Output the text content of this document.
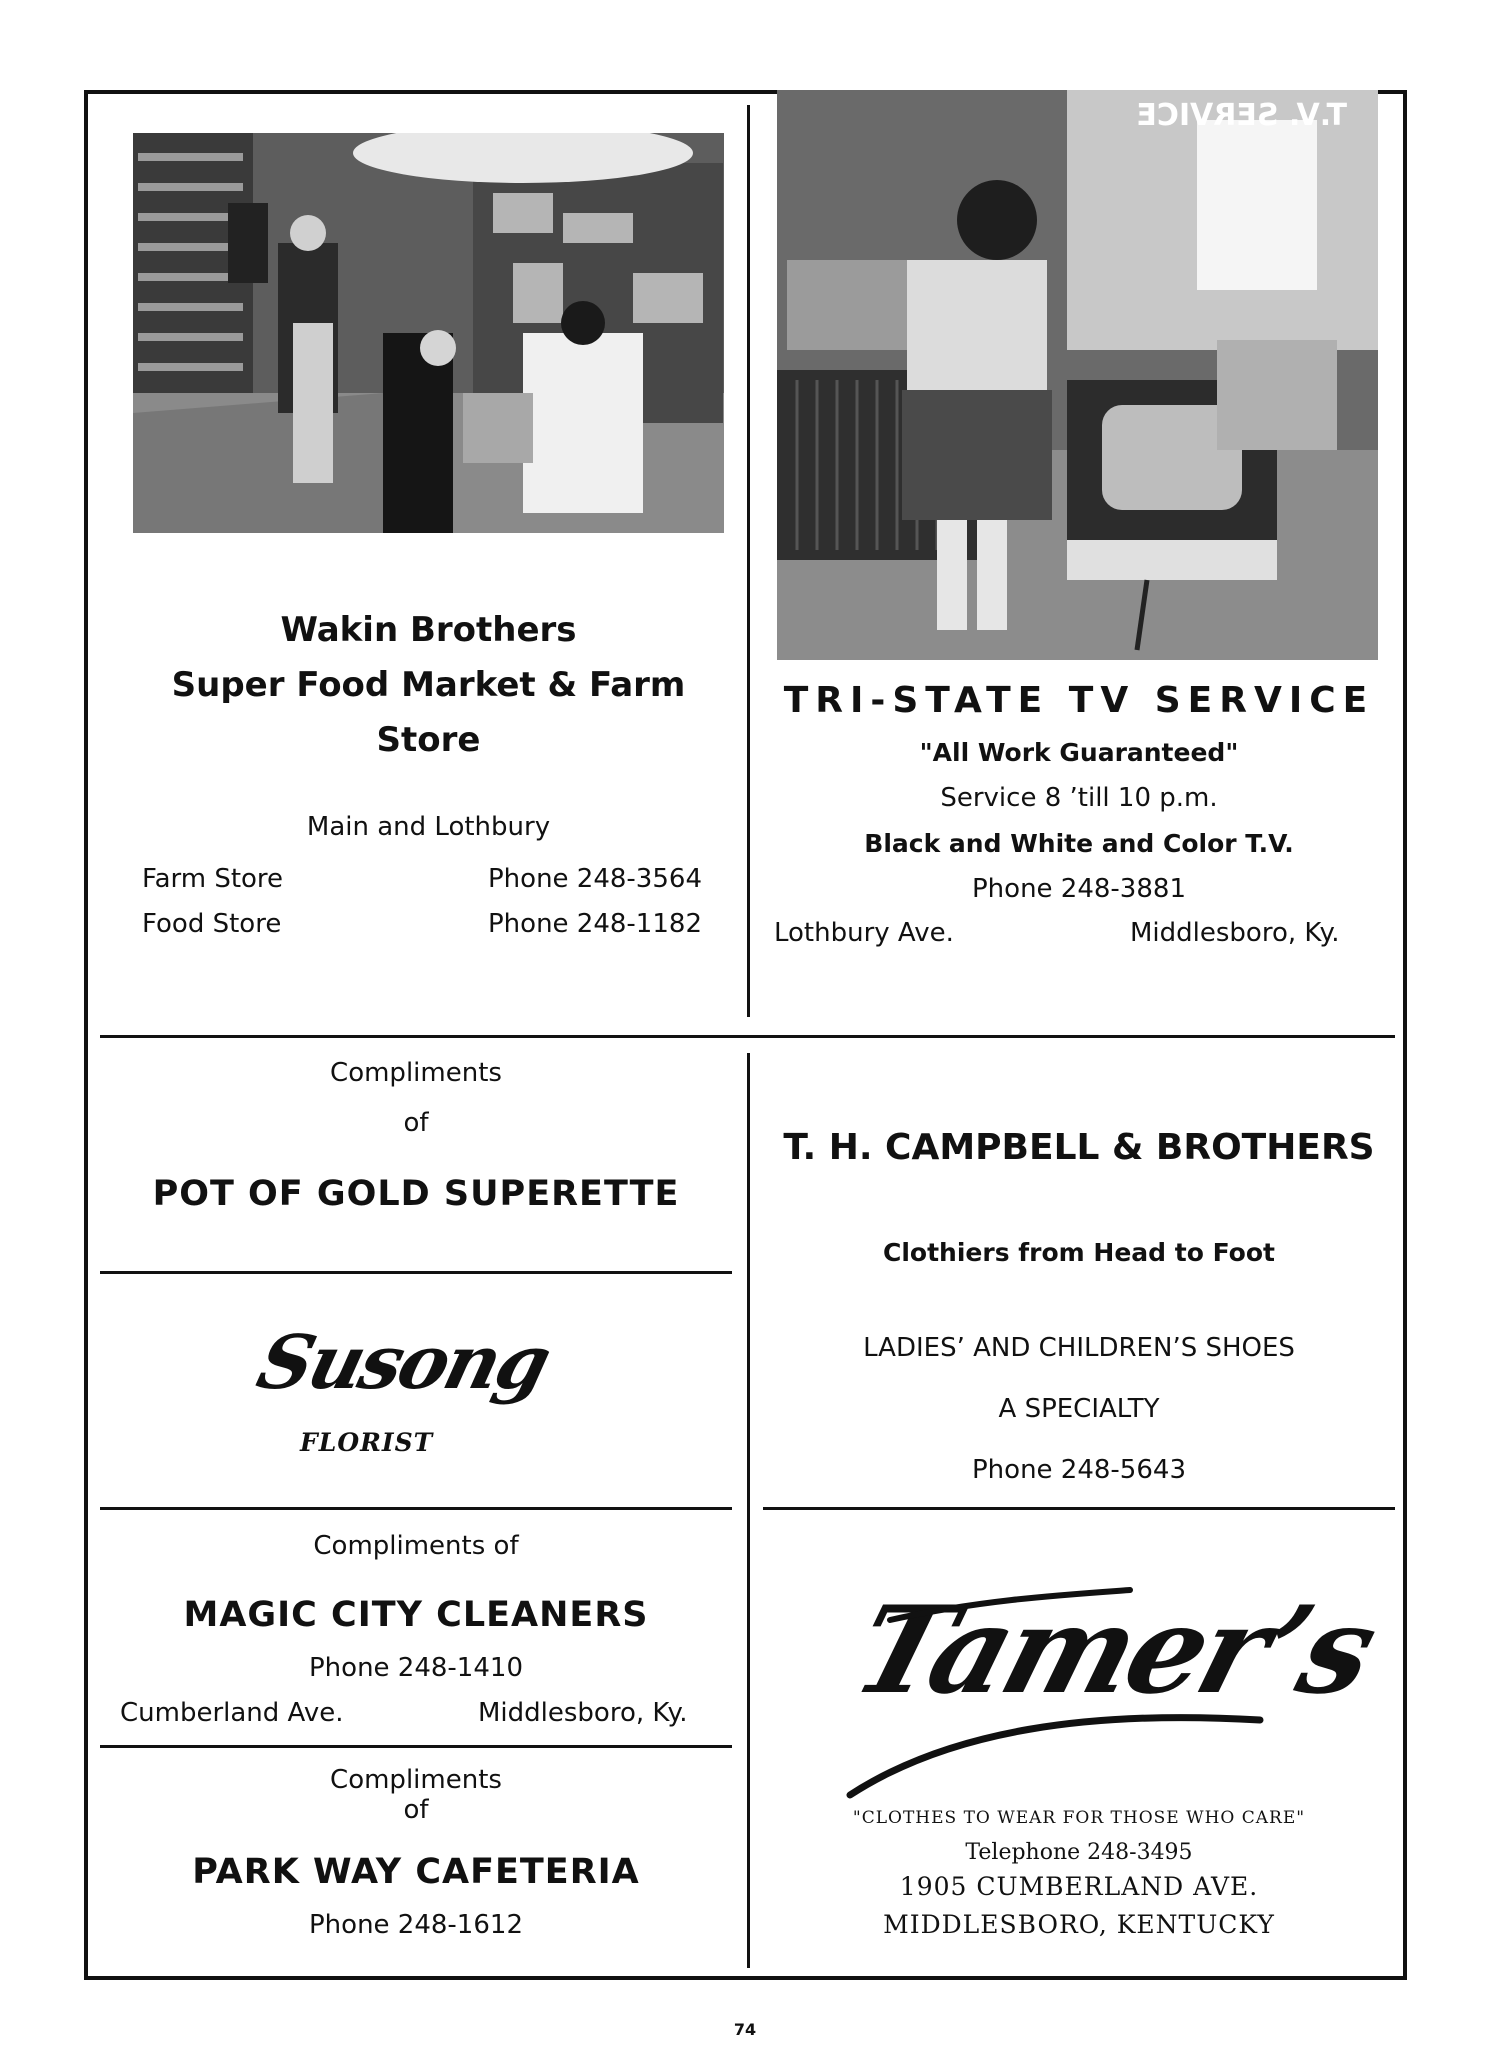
Wakin Brothers
Super Food Market & Farm
Store
Main and Lothbury
Farm Store	Phone 248-3564
Food Store	Phone 248-1182
T.V. SERVICE
TRI-STATE TV SERVICE
"All Work Guaranteed"
Service 8 ’till 10 p.m.
Black and White and Color T.V.
Phone 248-3881
Lothbury Ave.	Middlesboro, Ky.
Compliments
of
POT OF GOLD SUPERETTE
Susong
FLORIST
Compliments of
MAGIC CITY CLEANERS
Phone 248-1410
Cumberland Ave.	Middlesboro, Ky.
Compliments
of
PARK WAY CAFETERIA
Phone 248-1612
T. H. CAMPBELL & BROTHERS
Clothiers from Head to Foot
LADIES’ AND CHILDREN’S SHOES
A SPECIALTY
Phone 248-5643
Tamer’s
"CLOTHES TO WEAR FOR THOSE WHO CARE"
Telephone 248-3495
1905 CUMBERLAND AVE.
MIDDLESBORO, KENTUCKY
74
